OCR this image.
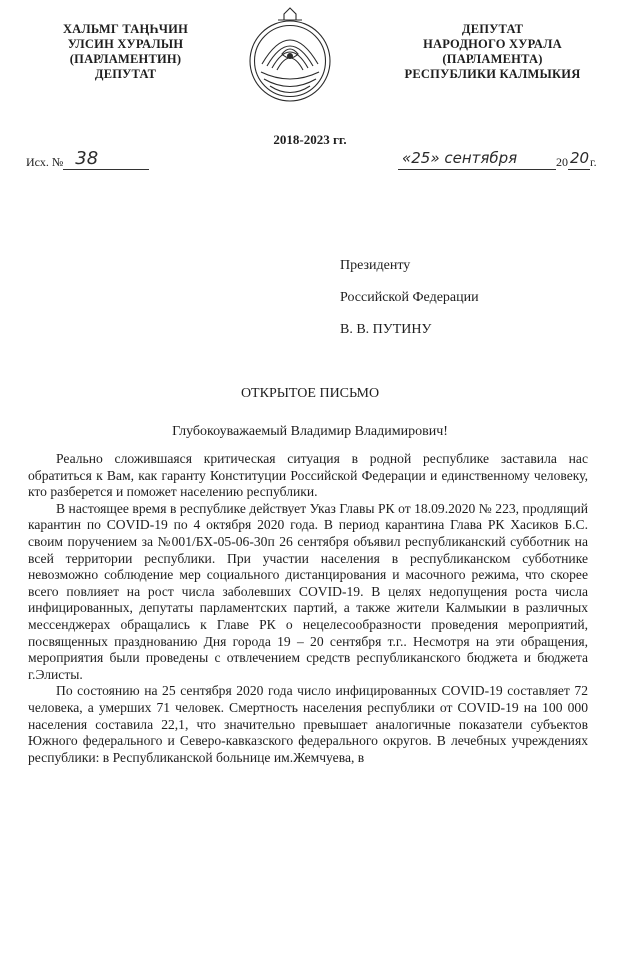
ХАЛЬМГ ТАҢҺЧИН
УЛСИН ХУРАЛЫН
(ПАРЛАМЕНТИН)
ДЕПУТАТ
ДЕПУТАТ
НАРОДНОГО ХУРАЛА
(ПАРЛАМЕНТА)
РЕСПУБЛИКИ КАЛМЫКИЯ
2018-2023 гг.
Исх. № 38	«25» сентября	20 20 г.
Президенту
Российской Федерации
В. В. ПУТИНУ
ОТКРЫТОЕ ПИСЬМО
Глубокоуважаемый Владимир Владимирович!

Реально сложившаяся критическая ситуация в родной республике заставила нас обратиться к Вам, как гаранту Конституции Российской Федерации и единственному человеку, кто разберется и поможет населению республики.

В настоящее время в республике действует Указ Главы РК от 18.09.2020 № 223, продлящий карантин по COVID-19 по 4 октября 2020 года. В период карантина Глава РК Хасиков Б.С. своим поручением за №001/БХ-05-06-30п 26 сентября объявил республиканский субботник на всей территории республики. При участии населения в республиканском субботнике невозможно соблюдение мер социального дистанцирования и масочного режима, что скорее всего повлияет на рост числа заболевших COVID-19. В целях недопущения роста числа инфицированных, депутаты парламентских партий, а также жители Калмыкии в различных мессенджерах обращались к Главе РК о нецелесообразности проведения мероприятий, посвященных празднованию Дня города 19 – 20 сентября т.г.. Несмотря на эти обращения, мероприятия были проведены с отвлечением средств республиканского бюджета и бюджета г.Элисты.

По состоянию на 25 сентября 2020 года число инфицированных COVID-19 составляет 72 человека, а умерших 71 человек. Смертность населения республики от COVID-19 на 100 000 населения составила 22,1, что значительно превышает аналогичные показатели субъектов Южного федерального и Северо-кавказского федерального округов. В лечебных учреждениях республики: в Республиканской больнице им.Жемчуева, в
